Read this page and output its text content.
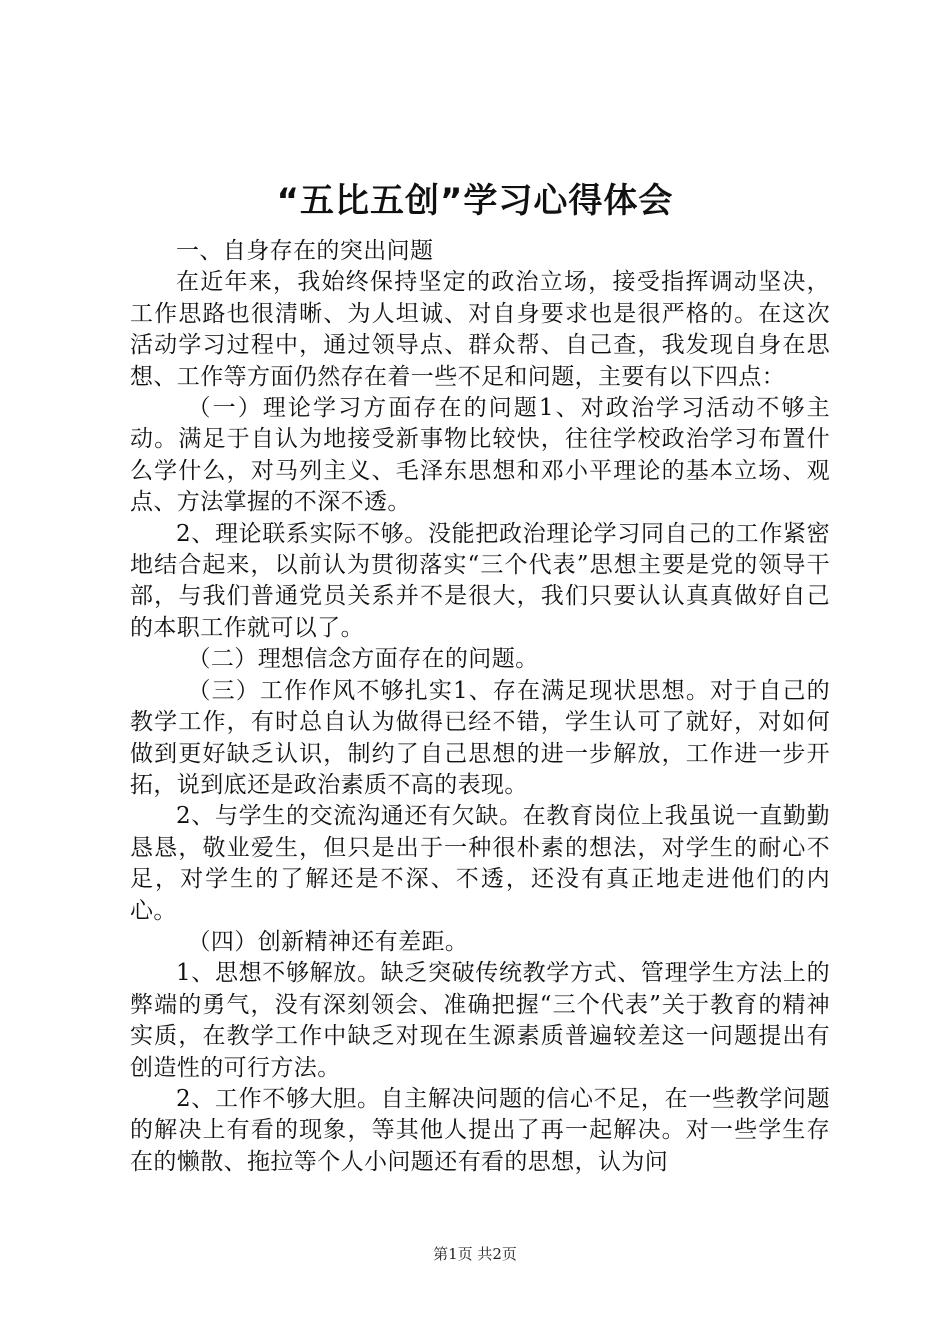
“五比五创”学习心得体会

一、自身存在的突出问题

在近年来，我始终保持坚定的政治立场，接受指挥调动坚决，工作思路也很清晰、为人坦诚、对自身要求也是很严格的。在这次活动学习过程中，通过领导点、群众帮、自己查，我发现自身在思想、工作等方面仍然存在着一些不足和问题，主要有以下四点：

（一）理论学习方面存在的问题1、对政治学习活动不够主动。满足于自认为地接受新事物比较快，往往学校政治学习布置什么学什么，对马列主义、毛泽东思想和邓小平理论的基本立场、观点、方法掌握的不深不透。

2、理论联系实际不够。没能把政治理论学习同自己的工作紧密地结合起来，以前认为贯彻落实“三个代表”思想主要是党的领导干部，与我们普通党员关系并不是很大，我们只要认认真真做好自己的本职工作就可以了。

（二）理想信念方面存在的问题。

（三）工作作风不够扎实1、存在满足现状思想。对于自己的教学工作，有时总自认为做得已经不错，学生认可了就好，对如何做到更好缺乏认识，制约了自己思想的进一步解放，工作进一步开拓，说到底还是政治素质不高的表现。

2、与学生的交流沟通还有欠缺。在教育岗位上我虽说一直勤勤恳恳，敬业爱生，但只是出于一种很朴素的想法，对学生的耐心不足，对学生的了解还是不深、不透，还没有真正地走进他们的内心。

（四）创新精神还有差距。

1、思想不够解放。缺乏突破传统教学方式、管理学生方法上的弊端的勇气，没有深刻领会、准确把握“三个代表”关于教育的精神实质，在教学工作中缺乏对现在生源素质普遍较差这一问题提出有创造性的可行方法。

2、工作不够大胆。自主解决问题的信心不足，在一些教学问题的解决上有看的现象，等其他人提出了再一起解决。对一些学生存在的懒散、拖拉等个人小问题还有看的思想，认为问

第1页 共2页
